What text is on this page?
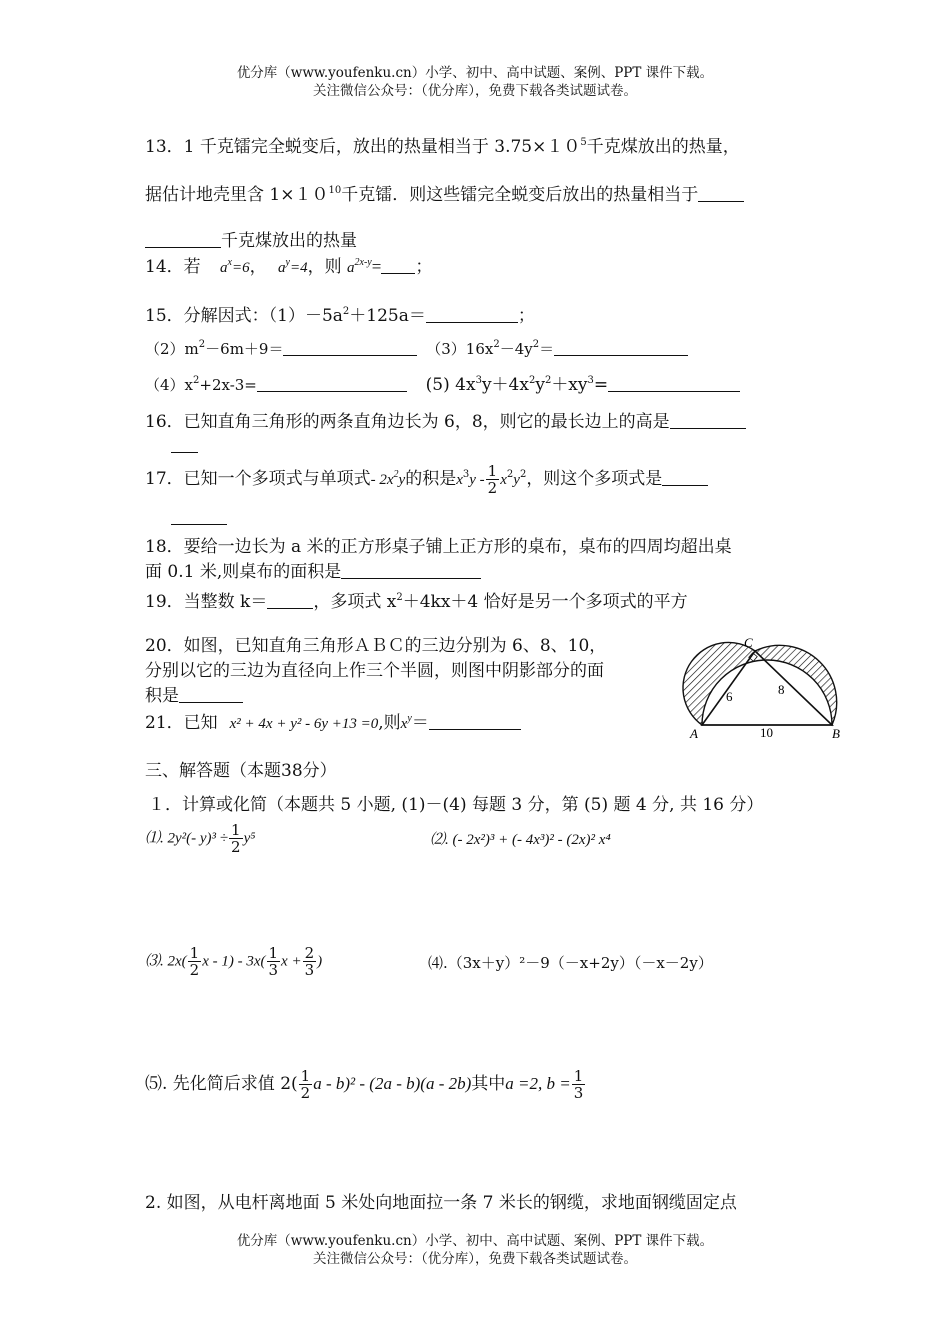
优分库（www.youfenku.cn）小学、初中、高中试题、案例、PPT 课件下载。
关注微信公众号：（优分库），免费下载各类试题试卷。
13．1 千克镭完全蜕变后，放出的热量相当于 $3.75\times 10^5$千克煤放出的热量，
据估计地壳里含 $1\times 10^{10}$千克镭．则这些镭完全蜕变后放出的热量相当于
千克煤放出的热量
14．若 $a^x=6$， $a^y=4$，则 $a^{2x-y}=$ ；
15．分解因式：$(1)-5a^2+125a=$	；
$(2)m^2-6m+9=$	$(3)16x^2-4y^2=$
$(4)x^2+2x-3=$	(5) $4x^3y+4x^2y^2+xy^3=$
16．已知直角三角形的两条直角边长为 6，8，则它的最长边上的高是
17．已知一个多项式与单项式- $2x^2y$的积是$x^3y - \frac{1}{2} x^2y^2$，则这个多项式是
18．要给一边长为 a 米的正方形桌子铺上正方形的桌布，桌布的四周均超出桌
面 0.1 米,则桌布的面积是
19．当整数 k＝	，多项式 $x^2+4kx+4$ 恰好是另一个多项式的平方
20．如图，已知直角三角形ＡＢＣ的三边分别为 6、8、10，
分别以它的三边为直径向上作三个半圆，则图中阴影部分的面
积是
A	B
C
6	8
10
21．已知 x² + 4x + y² - 6y +13 =0,则$x^y=$
三、解答题（本题38分）
１．计算或化简（本题共 5 小题, (1)－(4) 每题 3 分，第 (5) 题 4 分, 共 16 分）
⑴. 2y²(- $y)^3 \div \frac{1}{2} y^5$	⑵. (- 2x²)³ + (- 4x³)² - (2x)² x⁴
⑶. $2x( \frac{1}{2}$ x - $1) - 3x( \frac{1}{3}$ $x + \frac{2}{3}$ )	⑷.（3x＋y）²－9（－x+2y）（－x－2y）
⑸. 先化简后求值 $2( \frac{1}{2}$ a - b)² - (2a - b)(a - 2b)其中a =2, $b = \frac{1}{3}$
2. 如图，从电杆离地面 5 米处向地面拉一条 7 米长的钢缆，求地面钢缆固定点
优分库（www.youfenku.cn）小学、初中、高中试题、案例、PPT 课件下载。
关注微信公众号：（优分库），免费下载各类试题试卷。
